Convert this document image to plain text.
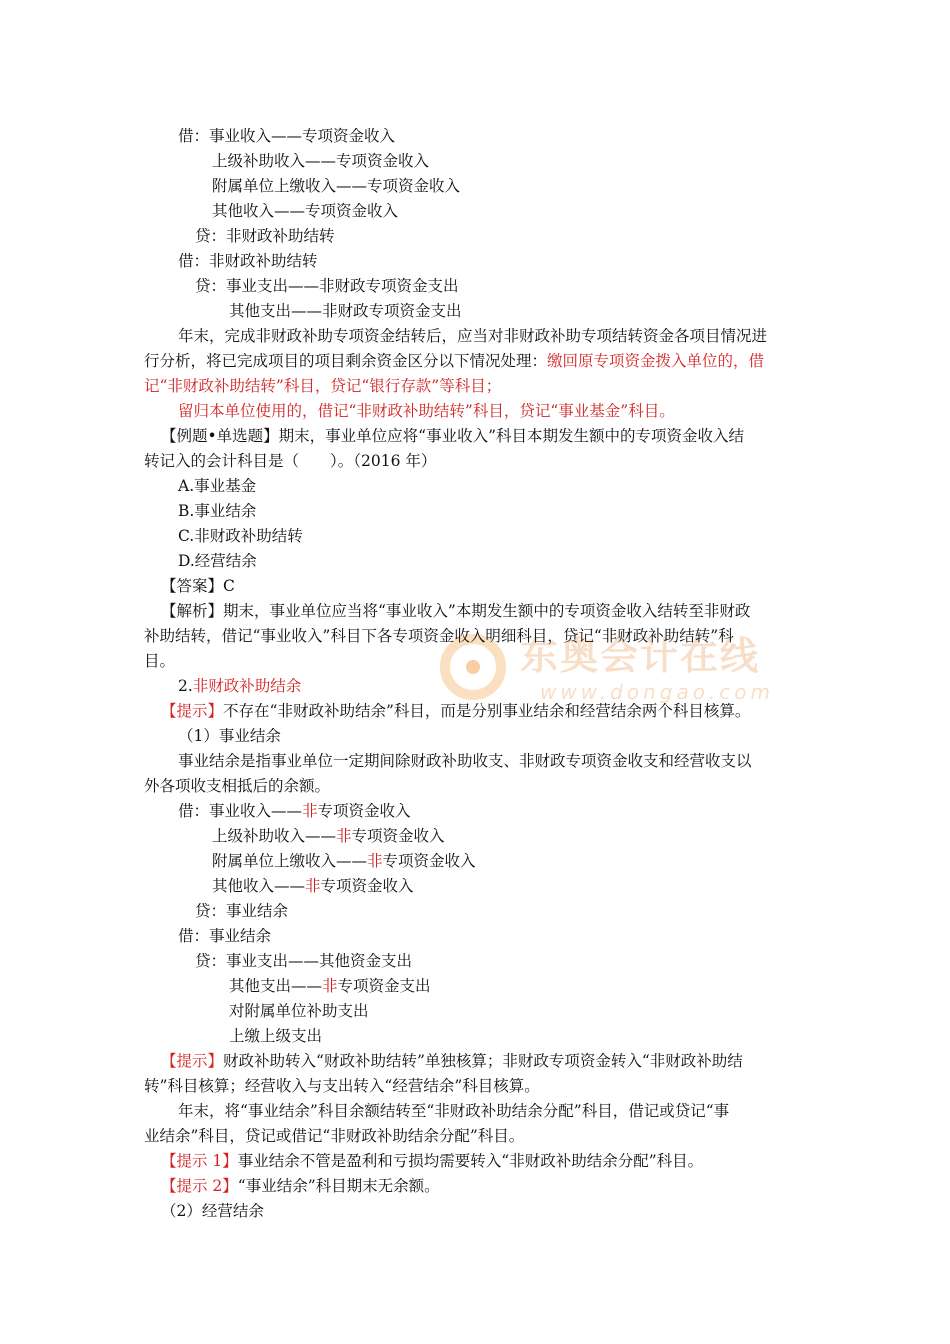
东奥会计在线
www.dongao.com
借：事业收入——专项资金收入
上级补助收入——专项资金收入
附属单位上缴收入——专项资金收入
其他收入——专项资金收入
贷：非财政补助结转
借：非财政补助结转
贷：事业支出——非财政专项资金支出
其他支出——非财政专项资金支出
年末，完成非财政补助专项资金结转后，应当对非财政补助专项结转资金各项目情况进
行分析，将已完成项目的项目剩余资金区分以下情况处理：缴回原专项资金拨入单位的，借
记“非财政补助结转”科目，贷记“银行存款”等科目；
留归本单位使用的，借记“非财政补助结转”科目，贷记“事业基金”科目。
【例题•单选题】期末，事业单位应将“事业收入”科目本期发生额中的专项资金收入结
转记入的会计科目是（　　）。（2016 年）
A.事业基金
B.事业结余
C.非财政补助结转
D.经营结余
【答案】C
【解析】期末，事业单位应当将“事业收入”本期发生额中的专项资金收入结转至非财政
补助结转，借记“事业收入”科目下各专项资金收入明细科目，贷记“非财政补助结转”科
目。
2.非财政补助结余
【提示】不存在“非财政补助结余”科目，而是分别事业结余和经营结余两个科目核算。
（1）事业结余
事业结余是指事业单位一定期间除财政补助收支、非财政专项资金收支和经营收支以
外各项收支相抵后的余额。
借：事业收入——非专项资金收入
上级补助收入——非专项资金收入
附属单位上缴收入——非专项资金收入
其他收入——非专项资金收入
贷：事业结余
借：事业结余
贷：事业支出——其他资金支出
其他支出——非专项资金支出
对附属单位补助支出
上缴上级支出
【提示】财政补助转入“财政补助结转”单独核算；非财政专项资金转入“非财政补助结
转”科目核算；经营收入与支出转入“经营结余”科目核算。
年末，将“事业结余”科目余额结转至“非财政补助结余分配”科目，借记或贷记“事
业结余”科目，贷记或借记“非财政补助结余分配”科目。
【提示 1】事业结余不管是盈利和亏损均需要转入“非财政补助结余分配”科目。
【提示 2】“事业结余”科目期末无余额。
（2）经营结余
